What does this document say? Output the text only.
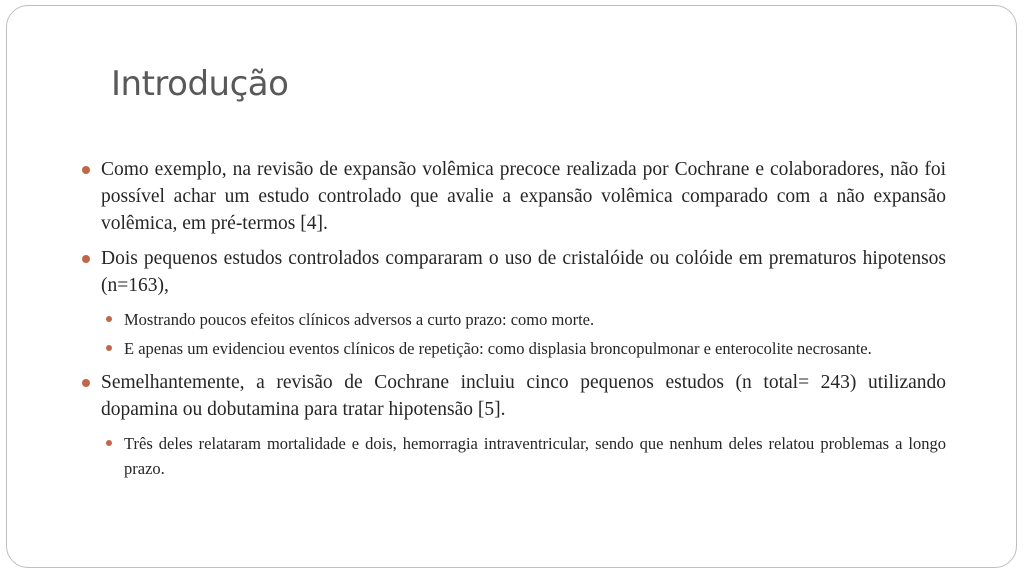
Introdução
Como exemplo, na revisão de expansão volêmica precoce realizada por Cochrane e colaboradores, não foi possível achar um estudo controlado que avalie a expansão volêmica comparado com a não expansão volêmica, em pré-termos [4].
Dois pequenos estudos controlados compararam o uso de cristalóide ou colóide em prematuros hipotensos (n=163),
Mostrando poucos efeitos clínicos adversos a curto prazo: como morte.
E apenas um evidenciou eventos clínicos de repetição: como displasia broncopulmonar e enterocolite necrosante.
Semelhantemente, a revisão de Cochrane incluiu cinco pequenos estudos (n total= 243) utilizando dopamina ou dobutamina para tratar hipotensão [5].
Três deles relataram mortalidade e dois, hemorragia intraventricular, sendo que nenhum deles relatou problemas a longo prazo.
